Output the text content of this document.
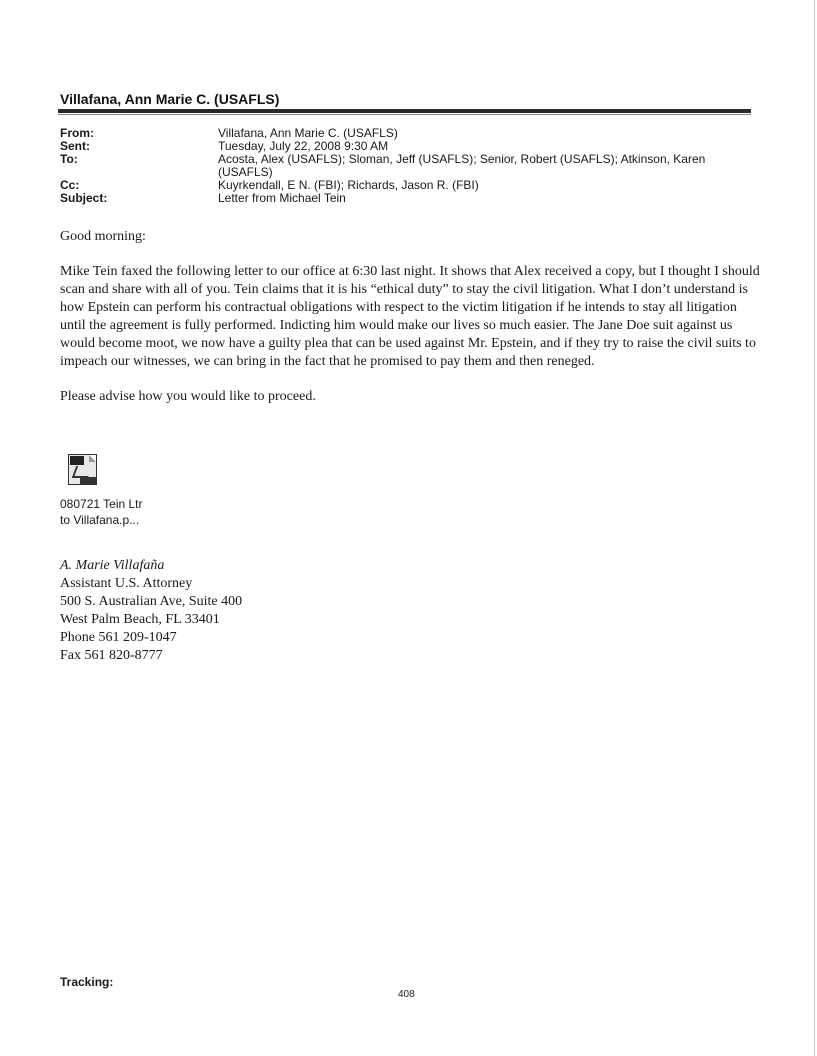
Villafana, Ann Marie C. (USAFLS)
From:	Villafana, Ann Marie C. (USAFLS)
Sent:	Tuesday, July 22, 2008 9:30 AM
To:	Acosta, Alex (USAFLS); Sloman, Jeff (USAFLS); Senior, Robert (USAFLS); Atkinson, Karen (USAFLS)
Cc:	Kuyrkendall, E N. (FBI); Richards, Jason R. (FBI)
Subject:	Letter from Michael Tein

Good morning:

Mike Tein faxed the following letter to our office at 6:30 last night. It shows that Alex received a copy, but I thought I should scan and share with all of you. Tein claims that it is his “ethical duty” to stay the civil litigation. What I don’t understand is how Epstein can perform his contractual obligations with respect to the victim litigation if he intends to stay all litigation until the agreement is fully performed. Indicting him would make our lives so much easier. The Jane Doe suit against us would become moot, we now have a guilty plea that can be used against Mr. Epstein, and if they try to raise the civil suits to impeach our witnesses, we can bring in the fact that he promised to pay them and then reneged.

Please advise how you would like to proceed.

080721 Tein Ltr
to Villafana.p...
A. Marie Villafaña
Assistant U.S. Attorney
500 S. Australian Ave, Suite 400
West Palm Beach, FL 33401
Phone 561 209-1047
Fax 561 820-8777
Tracking:
408
